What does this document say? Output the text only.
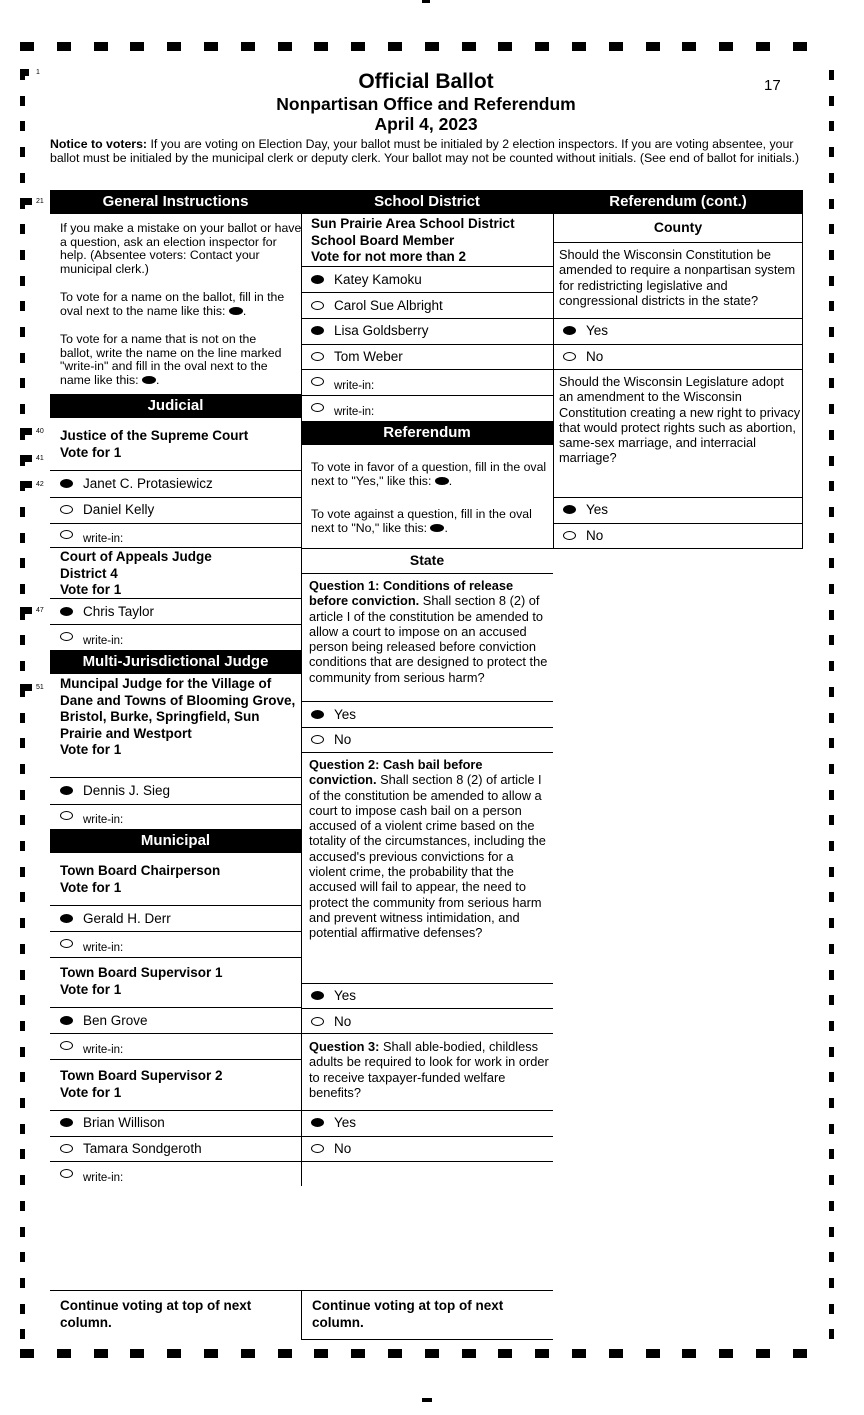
Official Ballot
Nonpartisan Office and Referendum
April 4, 2023
17
Notice to voters: If you are voting on Election Day, your ballot must be initialed by 2 election inspectors. If you are voting absentee, your ballot must be initialed by the municipal clerk or deputy clerk. Your ballot may not be counted without initials. (See end of ballot for initials.)
1
21
40
41
42
47
51
General Instructions
If you make a mistake on your ballot or have a question, ask an election inspector for help. (Absentee voters: Contact your municipal clerk.)
To vote for a name on the ballot, fill in the oval next to the name like this: .
To vote for a name that is not on the ballot, write the name on the line marked "write-in" and fill in the oval next to the name like this: .
Judicial
Justice of the Supreme Court
Vote for 1
Janet C. Protasiewicz
Daniel Kelly
write-in:
Court of Appeals Judge
District 4
Vote for 1
Chris Taylor
write-in:
Multi-Jurisdictional Judge
Muncipal Judge for the Village of Dane and Towns of Blooming Grove, Bristol, Burke, Springfield, Sun Prairie and Westport
Vote for 1
Dennis J. Sieg
write-in:
Municipal
Town Board Chairperson
Vote for 1
Gerald H. Derr
write-in:
Town Board Supervisor 1
Vote for 1
Ben Grove
write-in:
Town Board Supervisor 2
Vote for 1
Brian Willison
Tamara Sondgeroth
write-in:
Continue voting at top of next column.
Continue voting at top of next column.
School District
Sun Prairie Area School District
School Board Member
Vote for not more than 2
Katey Kamoku
Carol Sue Albright
Lisa Goldsberry
Tom Weber
write-in:
write-in:
Referendum
To vote in favor of a question, fill in the oval next to "Yes," like this: .
To vote against a question, fill in the oval next to "No," like this: .
State
Question 1: Conditions of release before conviction. Shall section 8 (2) of article I of the constitution be amended to allow a court to impose on an accused person being released before conviction conditions that are designed to protect the community from serious harm?
Yes
No
Question 2: Cash bail before conviction. Shall section 8 (2) of article I of the constitution be amended to allow a court to impose cash bail on a person accused of a violent crime based on the totality of the circumstances, including the accused's previous convictions for a violent crime, the probability that the accused will fail to appear, the need to protect the community from serious harm and prevent witness intimidation, and potential affirmative defenses?
Yes
No
Question 3: Shall able-bodied, childless adults be required to look for work in order to receive taxpayer-funded welfare benefits?
Yes
No
Referendum (cont.)
County
Should the Wisconsin Constitution be amended to require a nonpartisan system for redistricting legislative and congressional districts in the state?
Yes
No
Should the Wisconsin Legislature adopt an amendment to the Wisconsin Constitution creating a new right to privacy that would protect rights such as abortion, same-sex marriage, and interracial marriage?
Yes
No
